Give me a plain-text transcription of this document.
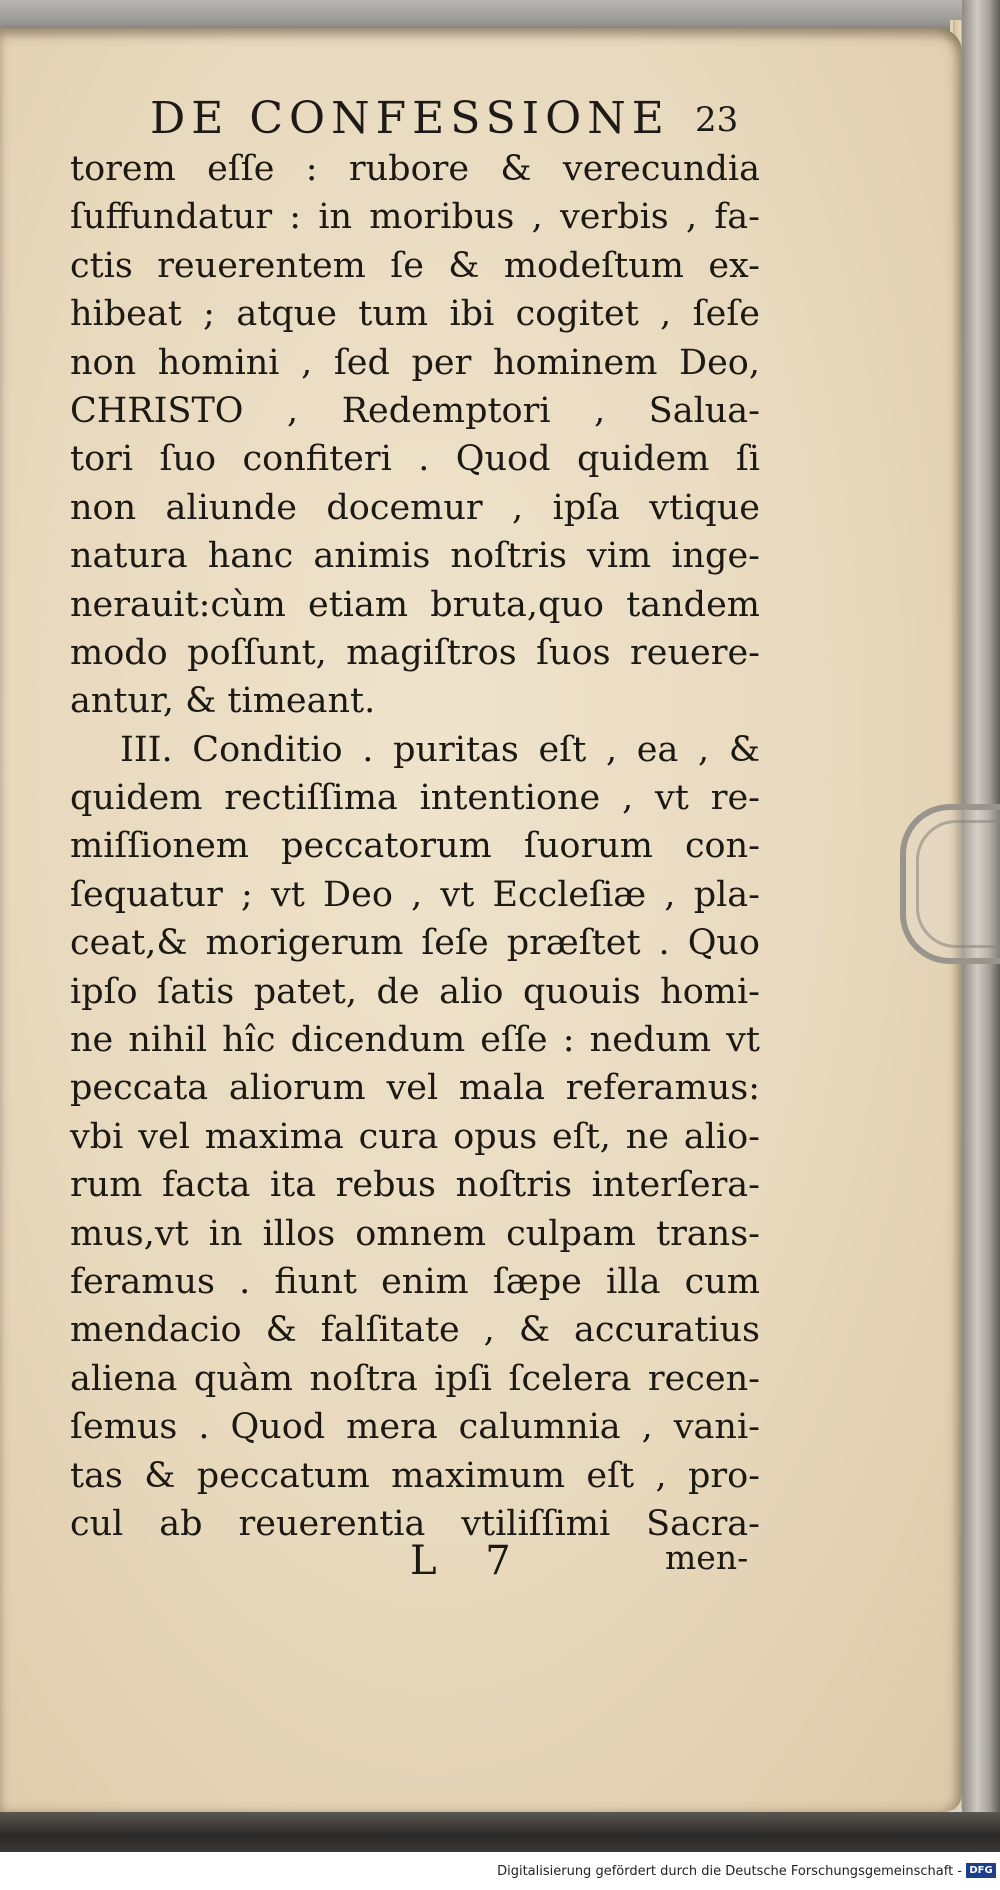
DE CONFESSIONE 23
torem eſſe : rubore & verecundia
ſuffundatur : in moribus , verbis , fa-
ctis reuerentem ſe & modeſtum ex-
hibeat ; atque tum ibi cogitet , ſeſe
non homini , ſed per hominem Deo,
CHRISTO , Redemptori , Salua-
tori ſuo confiteri . Quod quidem ſi
non aliunde docemur , ipſa vtique
natura hanc animis noſtris vim inge-
nerauit:cùm etiam bruta,quo tandem
modo poſſunt, magiſtros ſuos reuere-
antur, & timeant.
III. Conditio . puritas eſt , ea , &
quidem rectiſſima intentione , vt re-
miſſionem peccatorum ſuorum con-
ſequatur ; vt Deo , vt Eccleſiæ , pla-
ceat,& morigerum ſeſe præſtet . Quo
ipſo ſatis patet, de alio quouis homi-
ne nihil hîc dicendum eſſe : nedum vt
peccata aliorum vel mala referamus:
vbi vel maxima cura opus eſt, ne alio-
rum facta ita rebus noſtris interſera-
mus,vt in illos omnem culpam trans-
feramus . fiunt enim ſæpe illa cum
mendacio & falſitate , & accuratius
aliena quàm noſtra ipſi ſcelera recen-
ſemus . Quod mera calumnia , vani-
tas & peccatum maximum eſt , pro-
cul ab reuerentia vtiliſſimi Sacra-
L 7	men-
Digitalisierung gefördert durch die Deutsche Forschungsgemeinschaft - DFG
